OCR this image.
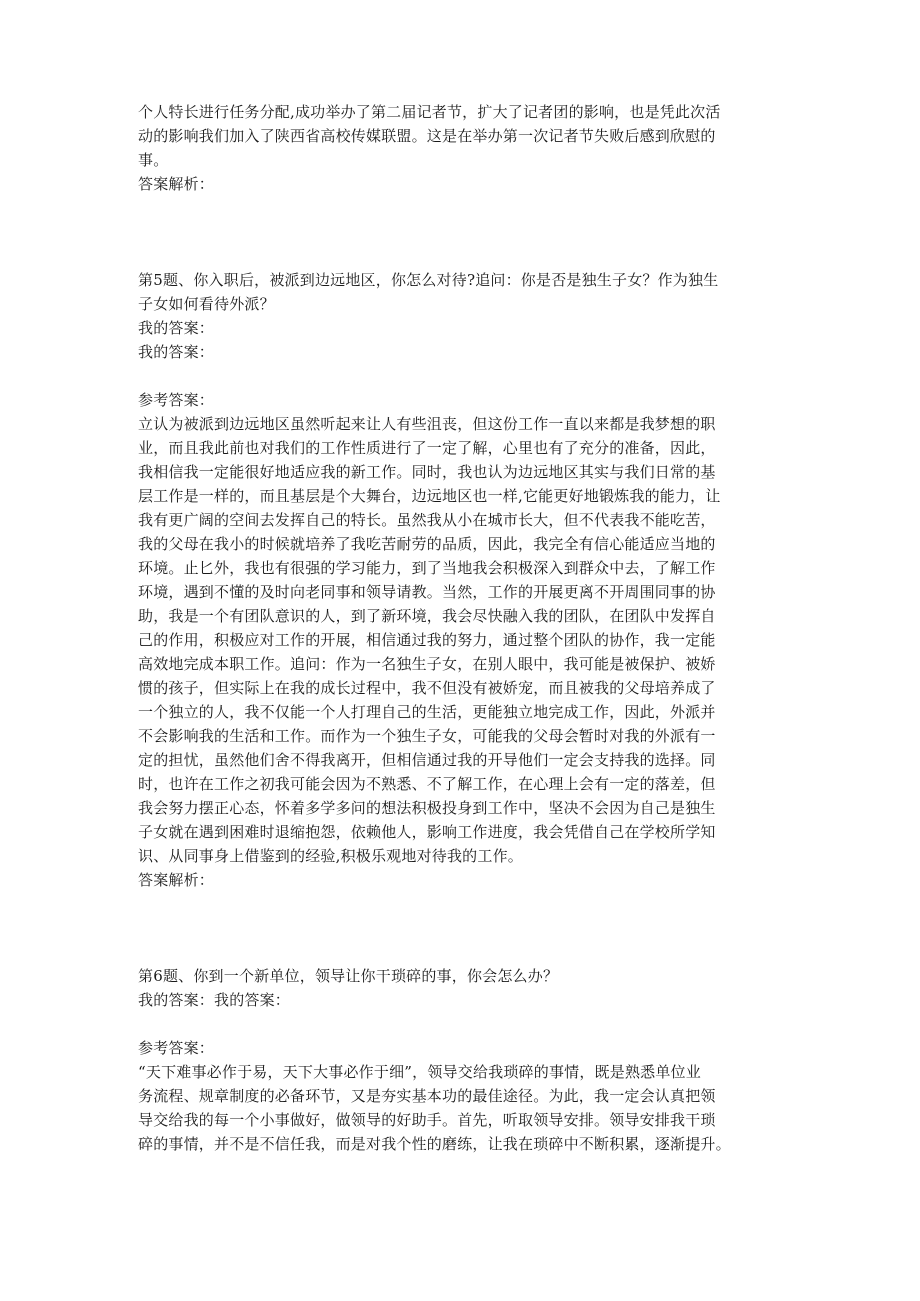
个人特长进行任务分配,成功举办了第二届记者节，扩大了记者团的影响，也是凭此次活
动的影响我们加入了陕西省高校传媒联盟。这是在举办第一次记者节失败后感到欣慰的
事。
答案解析：
第5题、你入职后，被派到边远地区，你怎么对待?追问：你是否是独生子女？作为独生
子女如何看待外派？
我的答案：
我的答案：
参考答案：
立认为被派到边远地区虽然听起来让人有些沮丧，但这份工作一直以来都是我梦想的职
业，而且我此前也对我们的工作性质进行了一定了解，心里也有了充分的准备，因此，
我相信我一定能很好地适应我的新工作。同时，我也认为边远地区其实与我们日常的基
层工作是一样的，而且基层是个大舞台，边远地区也一样,它能更好地锻炼我的能力，让
我有更广阔的空间去发挥自己的特长。虽然我从小在城市长大，但不代表我不能吃苦，
我的父母在我小的时候就培养了我吃苦耐劳的品质，因此，我完全有信心能适应当地的
环境。止匕外，我也有很强的学习能力，到了当地我会积极深入到群众中去，了解工作
环境，遇到不懂的及时向老同事和领导请教。当然，工作的开展更离不开周围同事的协
助，我是一个有团队意识的人，到了新环境，我会尽快融入我的团队，在团队中发挥自
己的作用，积极应对工作的开展，相信通过我的努力，通过整个团队的协作，我一定能
高效地完成本职工作。追问：作为一名独生子女，在别人眼中，我可能是被保护、被娇
惯的孩子，但实际上在我的成长过程中，我不但没有被娇宠，而且被我的父母培养成了
一个独立的人，我不仅能一个人打理自己的生活，更能独立地完成工作，因此，外派并
不会影响我的生活和工作。而作为一个独生子女，可能我的父母会暂时对我的外派有一
定的担忧，虽然他们舍不得我离开，但相信通过我的开导他们一定会支持我的选择。同
时，也许在工作之初我可能会因为不熟悉、不了解工作，在心理上会有一定的落差，但
我会努力摆正心态，怀着多学多问的想法积极投身到工作中，坚决不会因为自己是独生
子女就在遇到困难时退缩抱怨，依赖他人，影响工作进度，我会凭借自己在学校所学知
识、从同事身上借鉴到的经验,积极乐观地对待我的工作。
答案解析：
第6题、你到一个新单位，领导让你干琐碎的事，你会怎么办？
我的答案：我的答案：
参考答案：
“天下难事必作于易，天下大事必作于细”，领导交给我琐碎的事情，既是熟悉单位业
务流程、规章制度的必备环节，又是夯实基本功的最佳途径。为此，我一定会认真把领
导交给我的每一个小事做好，做领导的好助手。首先，听取领导安排。领导安排我干琐
碎的事情，并不是不信任我，而是对我个性的磨练，让我在琐碎中不断积累，逐渐提升。
